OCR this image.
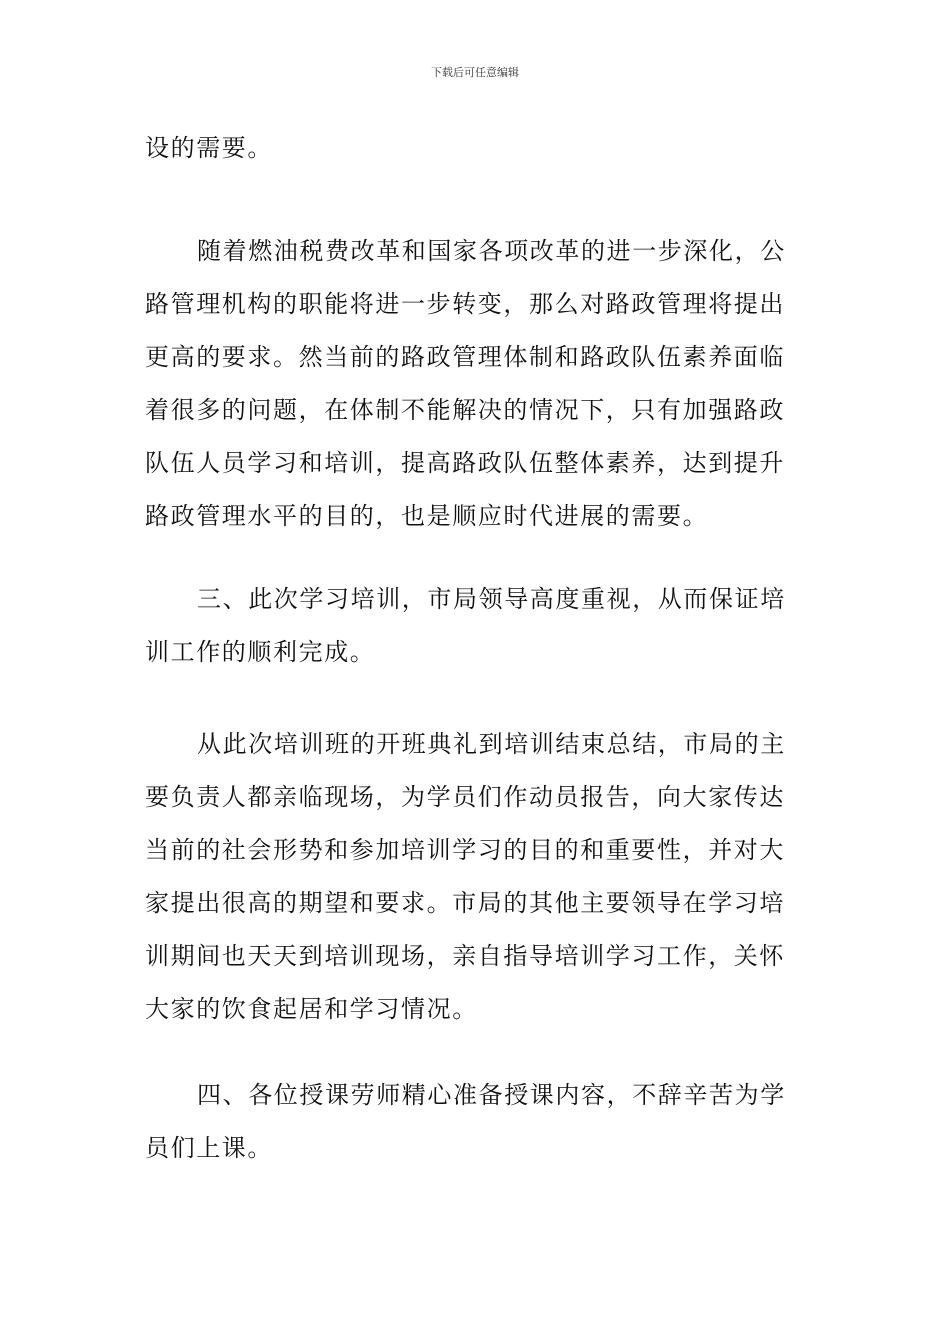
下载后可任意编辑
设的需要。
随着燃油税费改革和国家各项改革的进一步深化，公
路管理机构的职能将进一步转变，那么对路政管理将提出
更高的要求。然当前的路政管理体制和路政队伍素养面临
着很多的问题，在体制不能解决的情况下，只有加强路政
队伍人员学习和培训，提高路政队伍整体素养，达到提升
路政管理水平的目的，也是顺应时代进展的需要。
三、此次学习培训，市局领导高度重视，从而保证培
训工作的顺利完成。
从此次培训班的开班典礼到培训结束总结，市局的主
要负责人都亲临现场，为学员们作动员报告，向大家传达
当前的社会形势和参加培训学习的目的和重要性，并对大
家提出很高的期望和要求。市局的其他主要领导在学习培
训期间也天天到培训现场，亲自指导培训学习工作，关怀
大家的饮食起居和学习情况。
四、各位授课劳师精心准备授课内容，不辞辛苦为学
员们上课。
